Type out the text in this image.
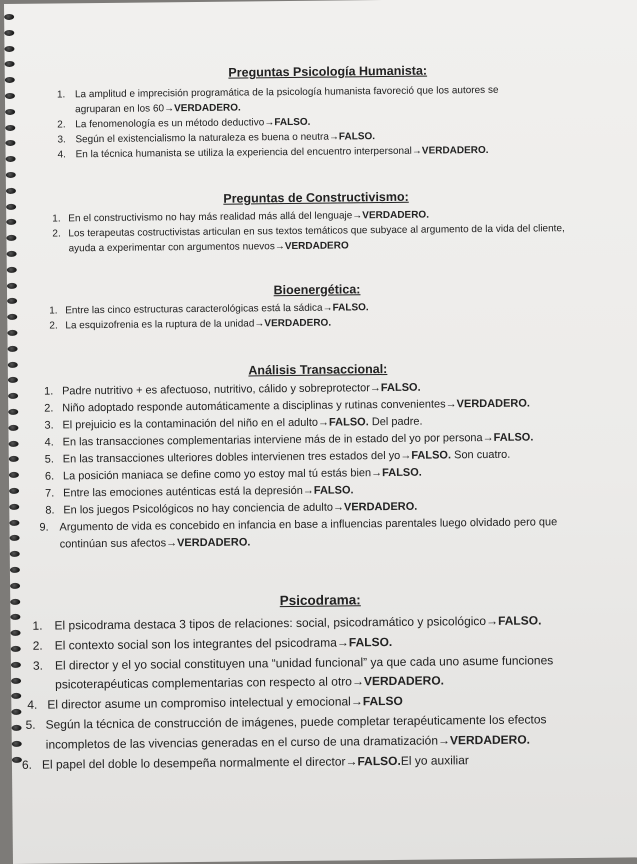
Preguntas Psicología Humanista:
1. La amplitud e imprecisión programática de la psicología humanista favoreció que los autores se agruparan en los 60→VERDADERO.
2. La fenomenología es un método deductivo→FALSO.
3. Según el existencialismo la naturaleza es buena o neutra→FALSO.
4. En la técnica humanista se utiliza la experiencia del encuentro interpersonal→VERDADERO.
Preguntas de Constructivismo:
1. En el constructivismo no hay más realidad más allá del lenguaje→VERDADERO.
2. Los terapeutas costructivistas articulan en sus textos temáticos que subyace al argumento de la vida del cliente, ayuda a experimentar con argumentos nuevos→VERDADERO
Bioenergética:
1. Entre las cinco estructuras caracterológicas está la sádica→FALSO.
2. La esquizofrenia es la ruptura de la unidad→VERDADERO.
Análisis Transaccional:
1. Padre nutritivo + es afectuoso, nutritivo, cálido y sobreprotector→FALSO.
2. Niño adoptado responde automáticamente a disciplinas y rutinas convenientes→VERDADERO.
3. El prejuicio es la contaminación del niño en el adulto→FALSO. Del padre.
4. En las transacciones complementarias interviene más de in estado del yo por persona→FALSO.
5. En las transacciones ulteriores dobles intervienen tres estados del yo→FALSO. Son cuatro.
6. La posición maniaca se define como yo estoy mal tú estás bien→FALSO.
7. Entre las emociones auténticas está la depresión→FALSO.
8. En los juegos Psicológicos no hay conciencia de adulto→VERDADERO.
9. Argumento de vida es concebido en infancia en base a influencias parentales luego olvidado pero que continúan sus afectos→VERDADERO.
Psicodrama:
1. El psicodrama destaca 3 tipos de relaciones: social, psicodramático y psicológico→FALSO.
2. El contexto social son los integrantes del psicodrama→FALSO.
3. El director y el yo social constituyen una “unidad funcional” ya que cada uno asume funciones psicoterapéuticas complementarias con respecto al otro→VERDADERO.
4. El director asume un compromiso intelectual y emocional→FALSO
5. Según la técnica de construcción de imágenes, puede completar terapéuticamente los efectos incompletos de las vivencias generadas en el curso de una dramatización→VERDADERO.
6. El papel del doble lo desempeña normalmente el director→FALSO.El yo auxiliar
